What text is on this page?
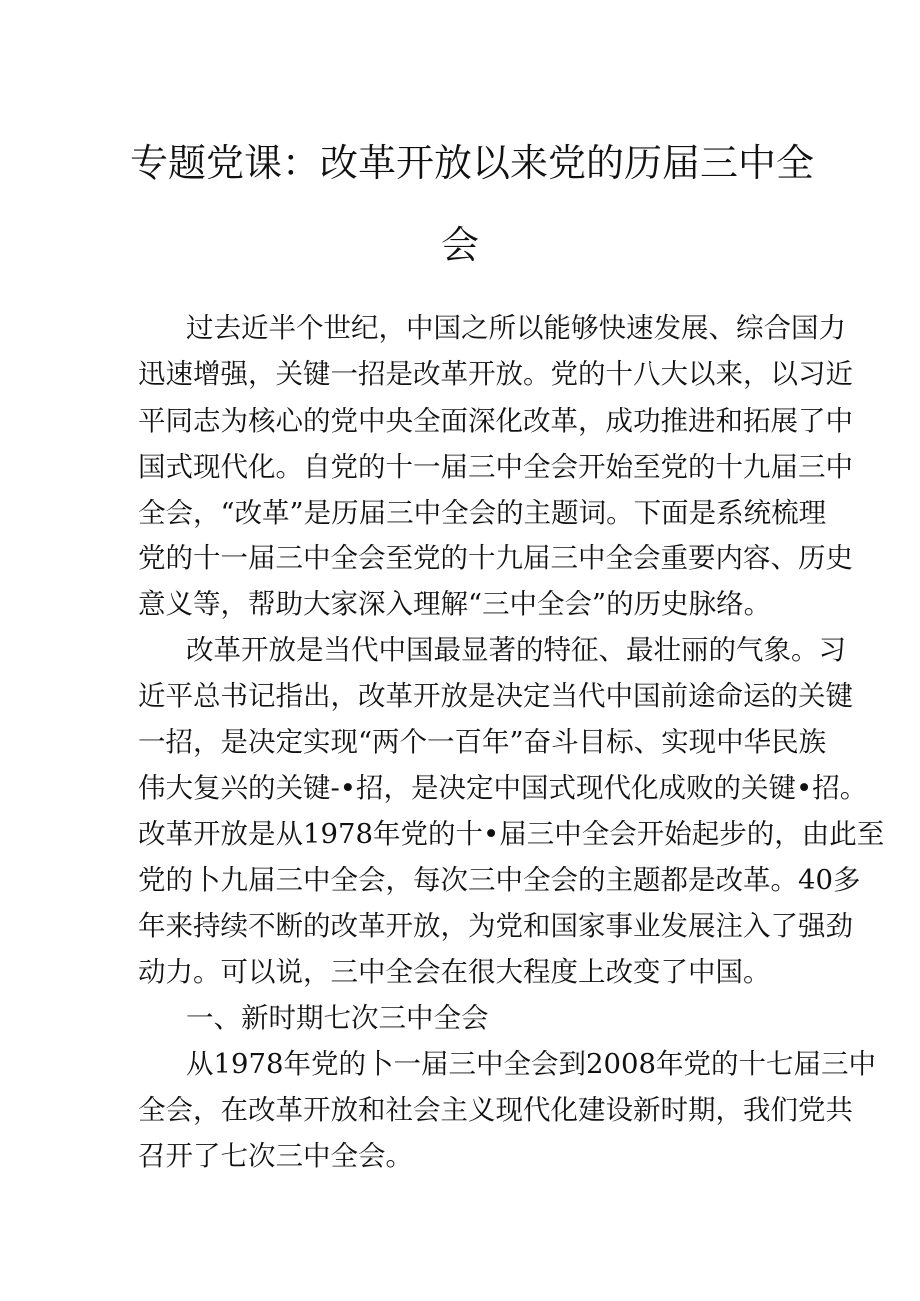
专题党课：改革开放以来党的历届三中全
会

过去近半个世纪，中国之所以能够快速发展、综合国力

迅速增强，关键一招是改革开放。党的十八大以来，以习近

平同志为核心的党中央全面深化改革，成功推进和拓展了中

国式现代化。自党的十一届三中全会开始至党的十九届三中

全会，“改革”是历届三中全会的主题词。下面是系统梳理

党的十一届三中全会至党的十九届三中全会重要内容、历史

意义等，帮助大家深入理解“三中全会”的历史脉络。

改革开放是当代中国最显著的特征、最壮丽的气象。习

近平总书记指出，改革开放是决定当代中国前途命运的关键

一招，是决定实现“两个一百年”奋斗目标、实现中华民族

伟大复兴的关键-•招，是决定中国式现代化成败的关键•招。

改革开放是从1978年党的十•届三中全会开始起步的，由此至

党的卜九届三中全会，每次三中全会的主题都是改革。40多

年来持续不断的改革开放，为党和国家事业发展注入了强劲

动力。可以说，三中全会在很大程度上改变了中国。

一、新时期七次三中全会

从1978年党的卜一届三中全会到2008年党的十七届三中

全会，在改革开放和社会主义现代化建设新时期，我们党共

召开了七次三中全会。
